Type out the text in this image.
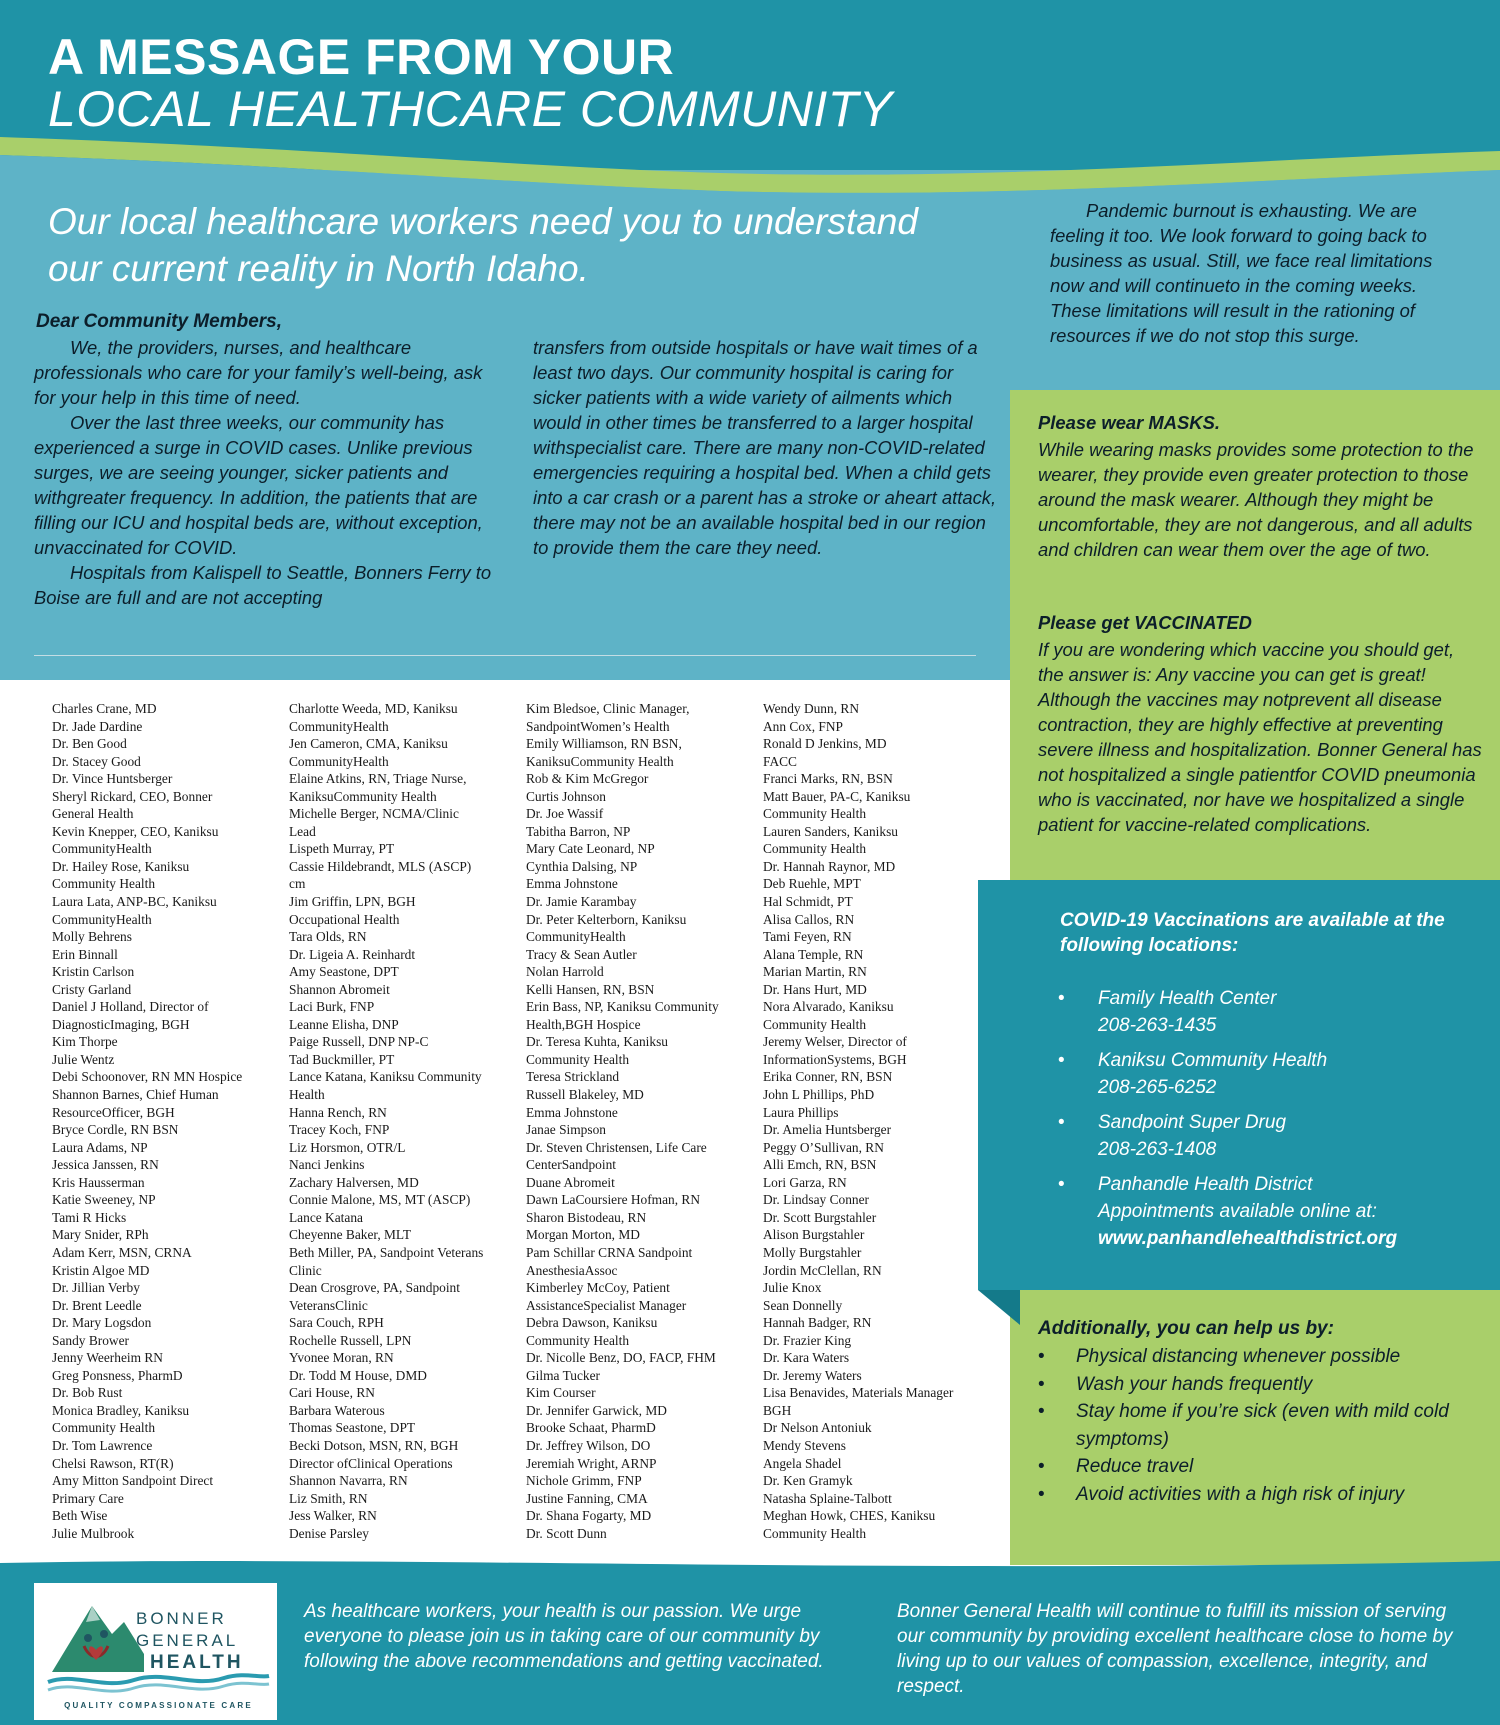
A MESSAGE FROM YOUR
LOCAL HEALTHCARE COMMUNITY
Our local healthcare workers need you to understand our current reality in North Idaho.
Dear Community Members,

We, the providers, nurses, and healthcare professionals who care for your family’s well-being, ask for your help in this time of need.

Over the last three weeks, our community has experienced a surge in COVID cases. Unlike previous surges, we are seeing younger, sicker patients and withgreater frequency. In addition, the patients that are filling our ICU and hospital beds are, without exception, unvaccinated for COVID.

Hospitals from Kalispell to Seattle, Bonners Ferry to Boise are full and are not accepting

transfers from outside hospitals or have wait times of a least two days. Our community hospital is caring for sicker patients with a wide variety of ailments which would in other times be transferred to a larger hospital withspecialist care. There are many non-COVID-related emergencies requiring a hospital bed. When a child gets into a car crash or a parent has a stroke or aheart attack, there may not be an available hospital bed in our region to provide them the care they need.

Pandemic burnout is exhausting. We are feeling it too. We look forward to going back to business as usual. Still, we face real limitations now and will continueto in the coming weeks. These limitations will result in the rationing of resources if we do not stop this surge.
Please wear MASKS.
While wearing masks provides some protection to the wearer, they provide even greater protection to those around the mask wearer. Although they might be uncomfortable, they are not dangerous, and all adults and children can wear them over the age of two.
Please get VACCINATED
If you are wondering which vaccine you should get, the answer is: Any vaccine you can get is great! Although the vaccines may notprevent all disease contraction, they are highly effective at preventing severe illness and hospitalization. Bonner General has not hospitalized a single patientfor COVID pneumonia who is vaccinated, nor have we hospitalized a single patient for vaccine-related complications.
COVID-19 Vaccinations are available at the following locations:
• Family Health Center
208-263-1435
• Kaniksu Community Health
208-265-6252
• Sandpoint Super Drug
208-263-1408
• Panhandle Health District
Appointments available online at:
www.panhandlehealthdistrict.org
Additionally, you can help us by:
• Physical distancing whenever possible
• Wash your hands frequently
• Stay home if you’re sick (even with mild cold symptoms)
• Reduce travel
• Avoid activities with a high risk of injury
Charles Crane, MD
Dr. Jade Dardine
Dr. Ben Good
Dr. Stacey Good
Dr. Vince Huntsberger
Sheryl Rickard, CEO, Bonner
General Health
Kevin Knepper, CEO, Kaniksu
CommunityHealth
Dr. Hailey Rose, Kaniksu
Community Health
Laura Lata, ANP-BC, Kaniksu
CommunityHealth
Molly Behrens
Erin Binnall
Kristin Carlson
Cristy Garland
Daniel J Holland, Director of
DiagnosticImaging, BGH
Kim Thorpe
Julie Wentz
Debi Schoonover, RN MN Hospice
Shannon Barnes, Chief Human
ResourceOfficer, BGH
Bryce Cordle, RN BSN
Laura Adams, NP
Jessica Janssen, RN
Kris Hausserman
Katie Sweeney, NP
Tami R Hicks
Mary Snider, RPh
Adam Kerr, MSN, CRNA
Kristin Algoe MD
Dr. Jillian Verby
Dr. Brent Leedle
Dr. Mary Logsdon
Sandy Brower
Jenny Weerheim RN
Greg Ponsness, PharmD
Dr. Bob Rust
Monica Bradley, Kaniksu
Community Health
Dr. Tom Lawrence
Chelsi Rawson, RT(R)
Amy Mitton Sandpoint Direct
Primary Care
Beth Wise
Julie Mulbrook
Charlotte Weeda, MD, Kaniksu
CommunityHealth
Jen Cameron, CMA, Kaniksu
CommunityHealth
Elaine Atkins, RN, Triage Nurse,
KaniksuCommunity Health
Michelle Berger, NCMA/Clinic
Lead
Lispeth Murray, PT
Cassie Hildebrandt, MLS (ASCP)
cm
Jim Griffin, LPN, BGH
Occupational Health
Tara Olds, RN
Dr. Ligeia A. Reinhardt
Amy Seastone, DPT
Shannon Abromeit
Laci Burk, FNP
Leanne Elisha, DNP
Paige Russell, DNP NP-C
Tad Buckmiller, PT
Lance Katana, Kaniksu Community
Health
Hanna Rench, RN
Tracey Koch, FNP
Liz Horsmon, OTR/L
Nanci Jenkins
Zachary Halversen, MD
Connie Malone, MS, MT (ASCP)
Lance Katana
Cheyenne Baker, MLT
Beth Miller, PA, Sandpoint Veterans
Clinic
Dean Crosgrove, PA, Sandpoint
VeteransClinic
Sara Couch, RPH
Rochelle Russell, LPN
Yvonee Moran, RN
Dr. Todd M House, DMD
Cari House, RN
Barbara Waterous
Thomas Seastone, DPT
Becki Dotson, MSN, RN, BGH
Director ofClinical Operations
Shannon Navarra, RN
Liz Smith, RN
Jess Walker, RN
Denise Parsley
Kim Bledsoe, Clinic Manager,
SandpointWomen’s Health
Emily Williamson, RN BSN,
KaniksuCommunity Health
Rob & Kim McGregor
Curtis Johnson
Dr. Joe Wassif
Tabitha Barron, NP
Mary Cate Leonard, NP
Cynthia Dalsing, NP
Emma Johnstone
Dr. Jamie Karambay
Dr. Peter Kelterborn, Kaniksu
CommunityHealth
Tracy & Sean Autler
Nolan Harrold
Kelli Hansen, RN, BSN
Erin Bass, NP, Kaniksu Community
Health,BGH Hospice
Dr. Teresa Kuhta, Kaniksu
Community Health
Teresa Strickland
Russell Blakeley, MD
Emma Johnstone
Janae Simpson
Dr. Steven Christensen, Life Care
CenterSandpoint
Duane Abromeit
Dawn LaCoursiere Hofman, RN
Sharon Bistodeau, RN
Morgan Morton, MD
Pam Schillar CRNA Sandpoint
AnesthesiaAssoc
Kimberley McCoy, Patient
AssistanceSpecialist Manager
Debra Dawson, Kaniksu
Community Health
Dr. Nicolle Benz, DO, FACP, FHM
Gilma Tucker
Kim Courser
Dr. Jennifer Garwick, MD
Brooke Schaat, PharmD
Dr. Jeffrey Wilson, DO
Jeremiah Wright, ARNP
Nichole Grimm, FNP
Justine Fanning, CMA
Dr. Shana Fogarty, MD
Dr. Scott Dunn
Wendy Dunn, RN
Ann Cox, FNP
Ronald D Jenkins, MD
FACC
Franci Marks, RN, BSN
Matt Bauer, PA-C, Kaniksu
Community Health
Lauren Sanders, Kaniksu
Community Health
Dr. Hannah Raynor, MD
Deb Ruehle, MPT
Hal Schmidt, PT
Alisa Callos, RN
Tami Feyen, RN
Alana Temple, RN
Marian Martin, RN
Dr. Hans Hurt, MD
Nora Alvarado, Kaniksu
Community Health
Jeremy Welser, Director of
InformationSystems, BGH
Erika Conner, RN, BSN
John L Phillips, PhD
Laura Phillips
Dr. Amelia Huntsberger
Peggy O’Sullivan, RN
Alli Emch, RN, BSN
Lori Garza, RN
Dr. Lindsay Conner
Dr. Scott Burgstahler
Alison Burgstahler
Molly Burgstahler
Jordin McClellan, RN
Julie Knox
Sean Donnelly
Hannah Badger, RN
Dr. Frazier King
Dr. Kara Waters
Dr. Jeremy Waters
Lisa Benavides, Materials Manager
BGH
Dr Nelson Antoniuk
Mendy Stevens
Angela Shadel
Dr. Ken Gramyk
Natasha Splaine-Talbott
Meghan Howk, CHES, Kaniksu
Community Health
BONNER
GENERAL
HEALTH
QUALITY COMPASSIONATE CARE
As healthcare workers, your health is our passion. We urge everyone to please join us in taking care of our community by following the above recommendations and getting vaccinated.
Bonner General Health will continue to fulfill its mission of serving our community by providing excellent healthcare close to home by living up to our values of compassion, excellence, integrity, and respect.
